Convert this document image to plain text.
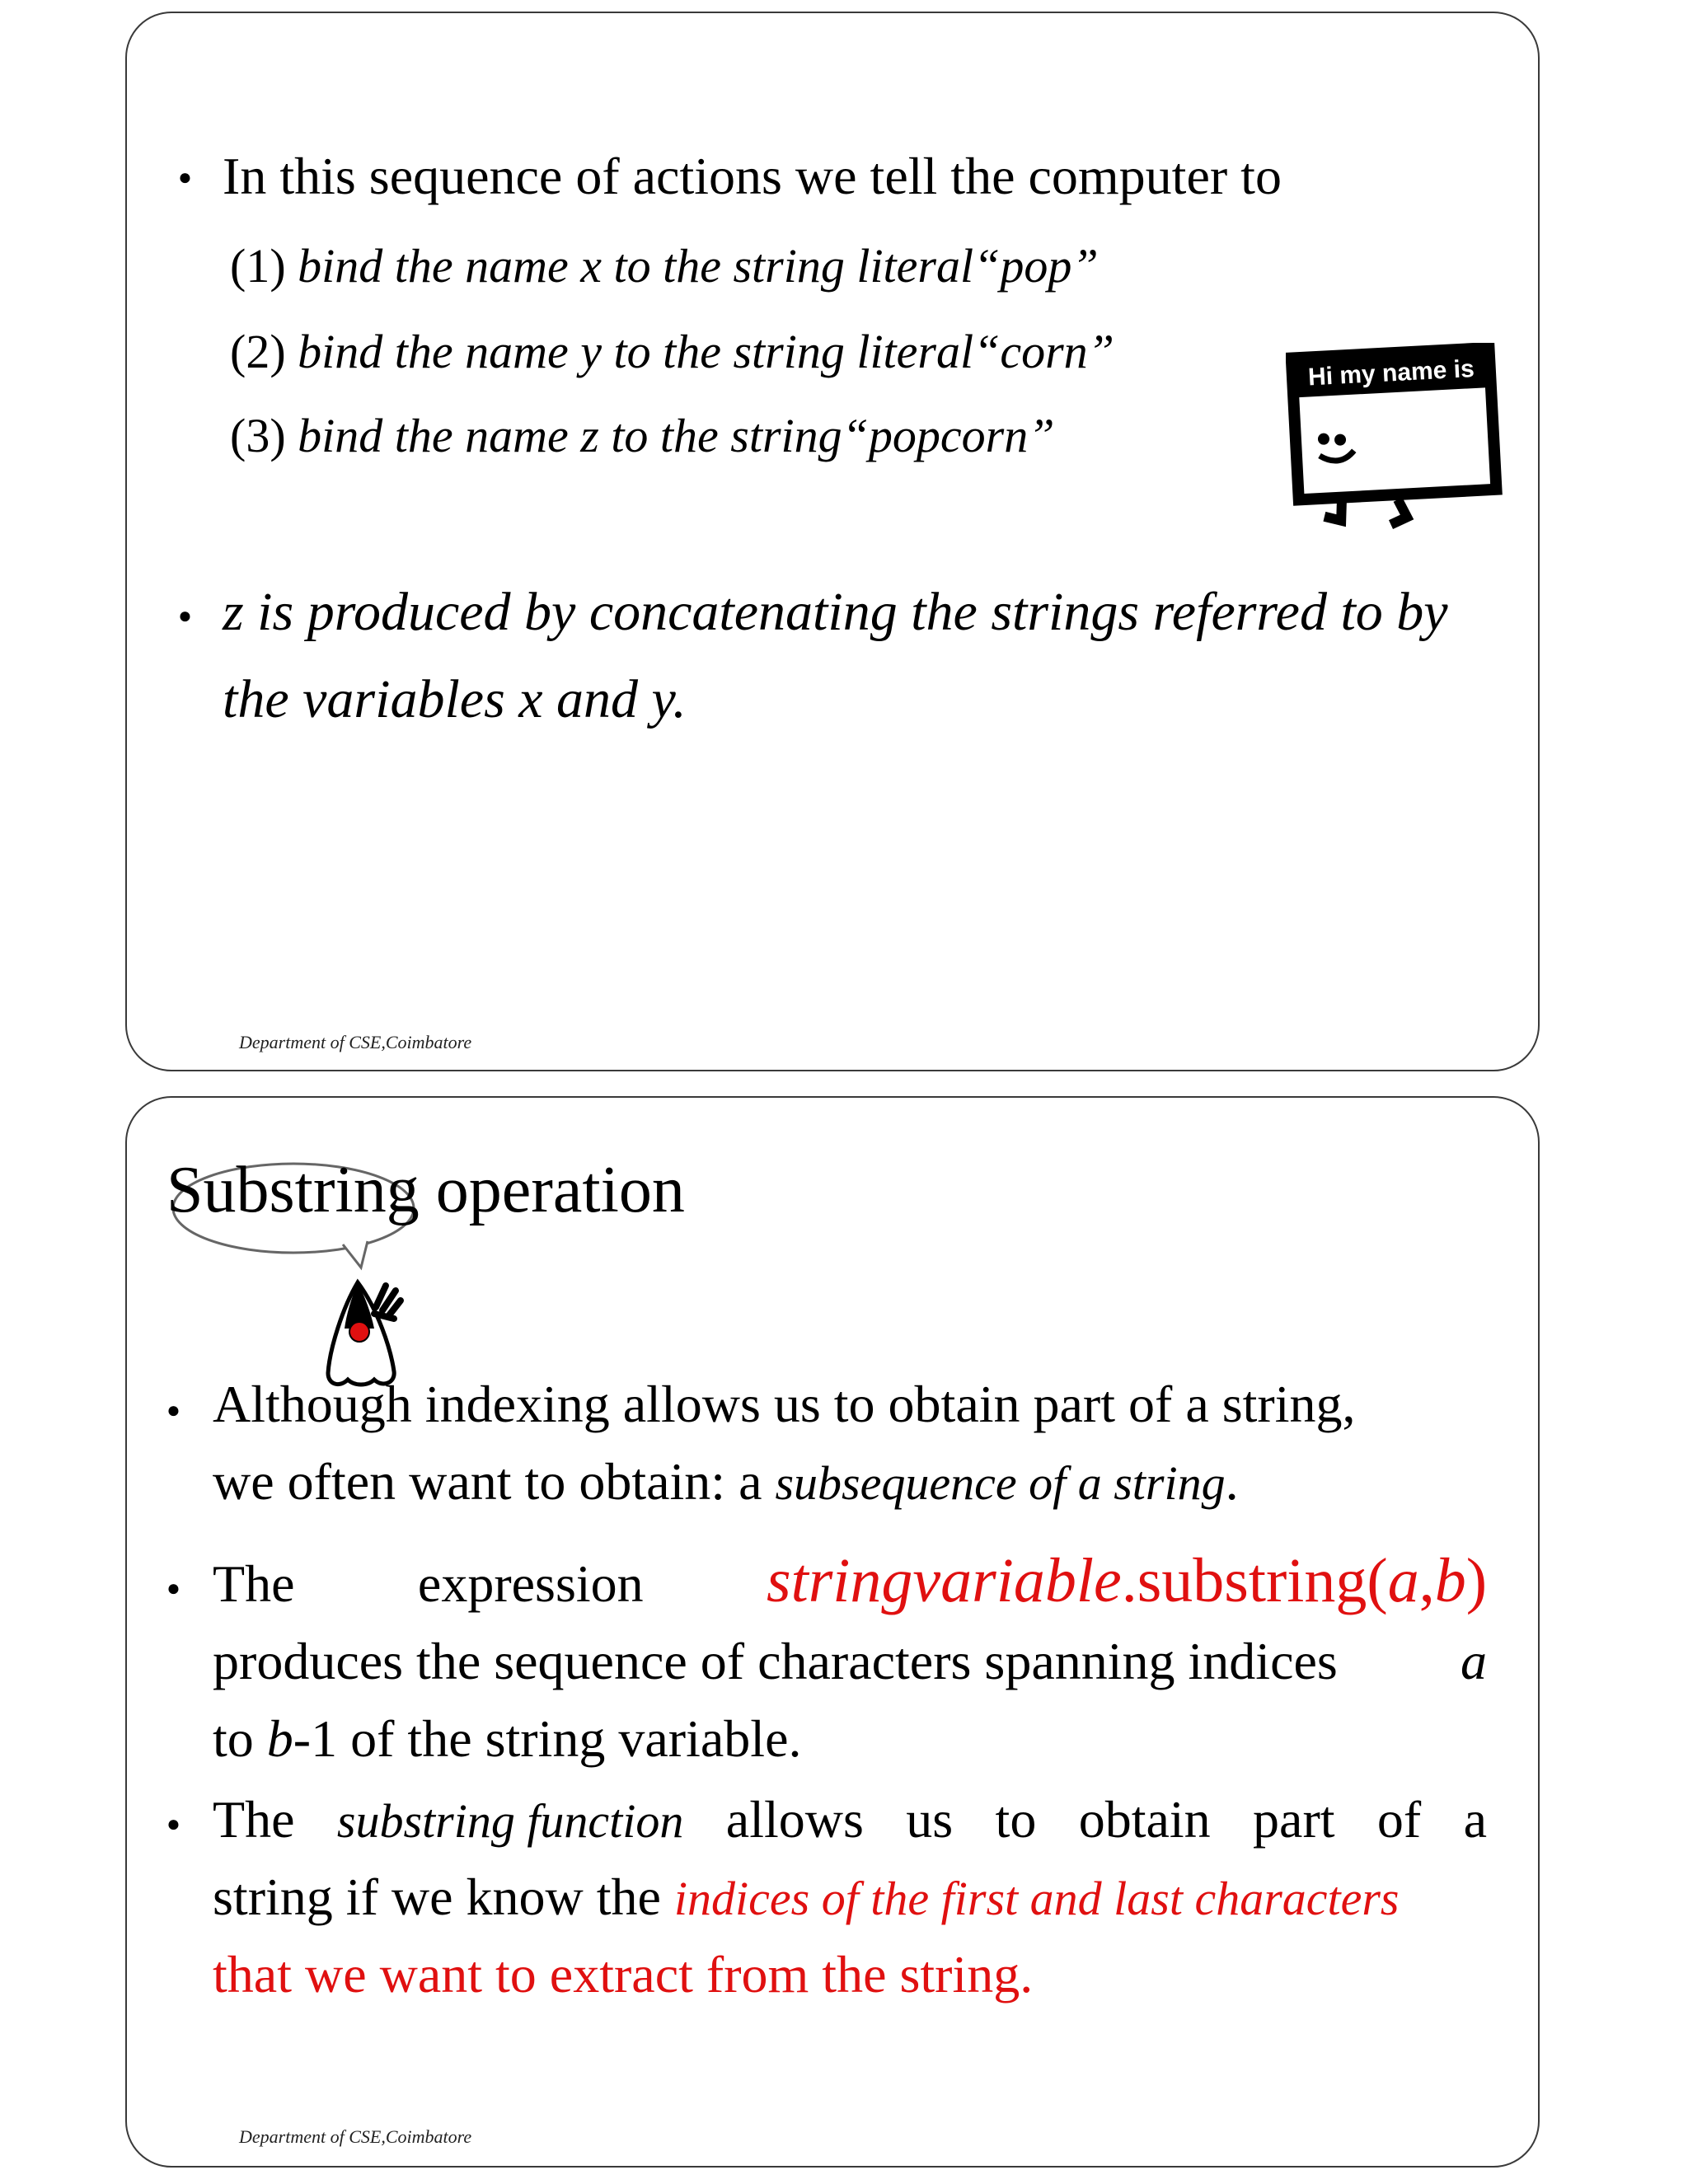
● In this sequence of actions we tell the computer to
(1) bind the name x to the string literal“pop”
(2) bind the name y to the string literal“corn”
(3) bind the name z to the string“popcorn”
Hi my name is
● z is produced by concatenating the strings referred to by
the variables x and y.
Department of CSE,Coimbatore
Substring operation
● Although indexing allows us to obtain part of a string,
we often want to obtain: a subsequence of a string.
● The expression stringvariable.substring(a,b)
produces the sequence of characters spanning indices a
to b-1 of the string variable.
● The substring function allows us to obtain part of a
string if we know the indices of the first and last characters
that we want to extract from the string.
Department of CSE,Coimbatore
